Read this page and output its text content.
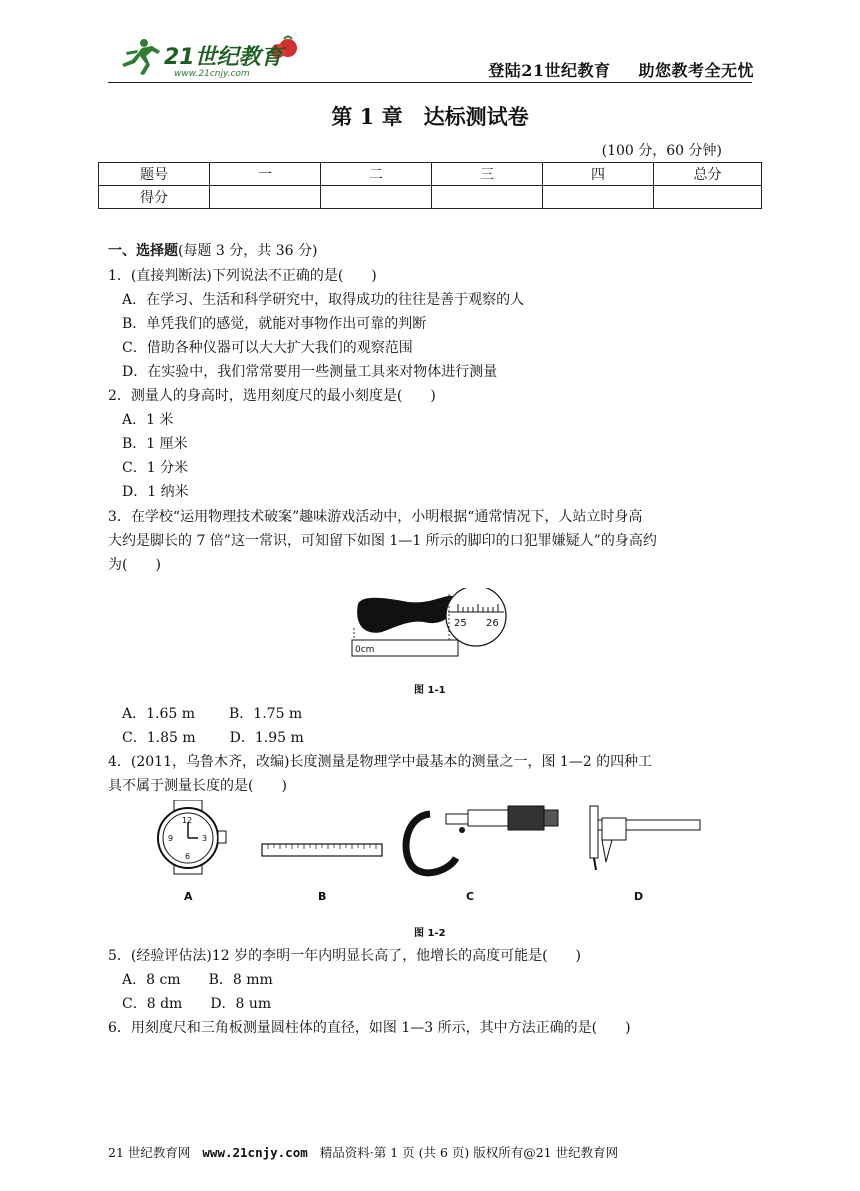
21世纪教育
www.21cnjy.com	登陆21世纪教育 助您教考全无忧
第 1 章　达标测试卷
(100 分，60 分钟)
题号	一	二	三	四	总分
得分					
一、选择题(每题 3 分，共 36 分)
1．(直接判断法)下列说法不正确的是(　　)
A．在学习、生活和科学研究中，取得成功的往往是善于观察的人
B．单凭我们的感觉，就能对事物作出可靠的判断
C．借助各种仪器可以大大扩大我们的观察范围
D．在实验中，我们常常要用一些测量工具来对物体进行测量
2．测量人的身高时，选用刻度尺的最小刻度是(　　)
A．1 米
B．1 厘米
C．1 分米
D．1 纳米
3．在学校“运用物理技术破案”趣味游戏活动中，小明根据“通常情况下，人站立时身高
大约是脚长的 7 倍”这一常识，可知留下如图 1—1 所示的脚印的口犯罪嫌疑人”的身高约
为(　　)
25 26
0cm
图 1-1
A．1.65 m B．1.75 m
C．1.85 m D．1.95 m
4．(2011，乌鲁木齐，改编)长度测量是物理学中最基本的测量之一，图 1—2 的四种工
具不属于测量长度的是(　　)
12
3
6
9
A	B	C	D
图 1-2
5．(经验评估法)12 岁的李明一年内明显长高了，他增长的高度可能是(　　)
A．8 cm B．8 mm
C．8 dm D．8 um
6．用刻度尺和三角板测量圆柱体的直径，如图 1—3 所示，其中方法正确的是(　　)
21 世纪教育网 www.21cnjy.com 精品资料·第 1 页 (共 6 页) 版权所有@21 世纪教育网
